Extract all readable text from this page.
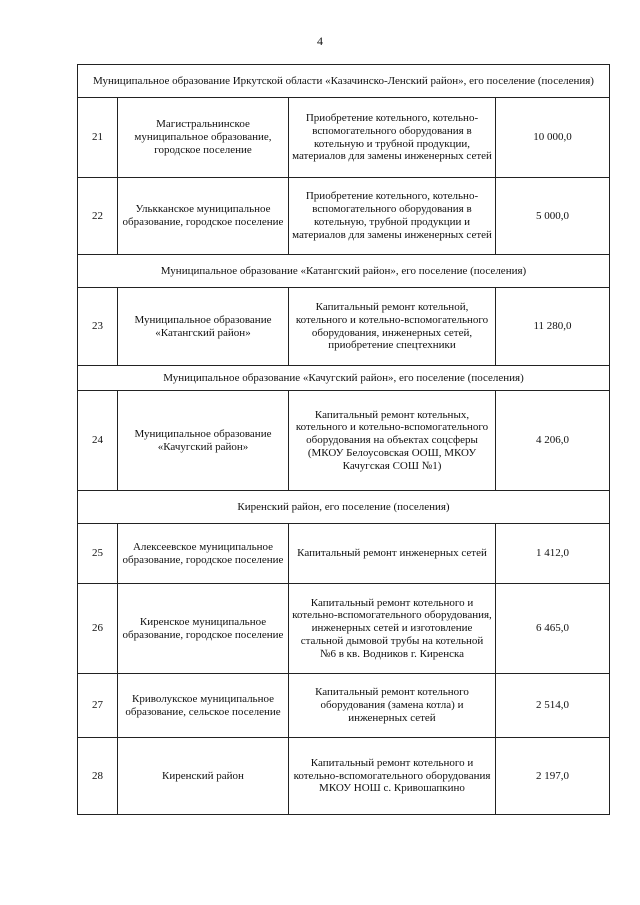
4
Муниципальное образование Иркутской области «Казачинско-Ленский район», его поселение (поселения)			
21	Магистральнинское муниципальное образование, городское поселение	Приобретение котельного, котельно-вспомогательного оборудования в котельную и трубной продукции, материалов для замены инженерных сетей	10 000,0
22	Улькканское муниципальное образование, городское поселение	Приобретение котельного, котельно-вспомогательного оборудования в котельную, трубной продукции и материалов для замены инженерных сетей	5 000,0
Муниципальное образование «Катангский район», его поселение (поселения)			
23	Муниципальное образование «Катангский район»	Капитальный ремонт котельной, котельного и котельно-вспомогательного оборудования, инженерных сетей, приобретение спецтехники	11 280,0
Муниципальное образование «Качугский район», его поселение (поселения)			
24	Муниципальное образование «Качугский район»	Капитальный ремонт котельных, котельного и котельно-вспомогательного оборудования на объектах соцсферы (МКОУ Белоусовская ООШ, МКОУ Качугская СОШ №1)	4 206,0
Киренский район, его поселение (поселения)			
25	Алексеевское муниципальное образование, городское поселение	Капитальный ремонт инженерных сетей	1 412,0
26	Киренское муниципальное образование, городское поселение	Капитальный ремонт котельного и котельно-вспомогательного оборудования, инженерных сетей и изготовление стальной дымовой трубы на котельной №6 в кв. Водников г. Киренска	6 465,0
27	Криволукское муниципальное образование, сельское поселение	Капитальный ремонт котельного оборудования (замена котла) и инженерных сетей	2 514,0
28	Киренский район	Капитальный ремонт котельного и котельно-вспомогательного оборудования МКОУ НОШ с. Кривошапкино	2 197,0
